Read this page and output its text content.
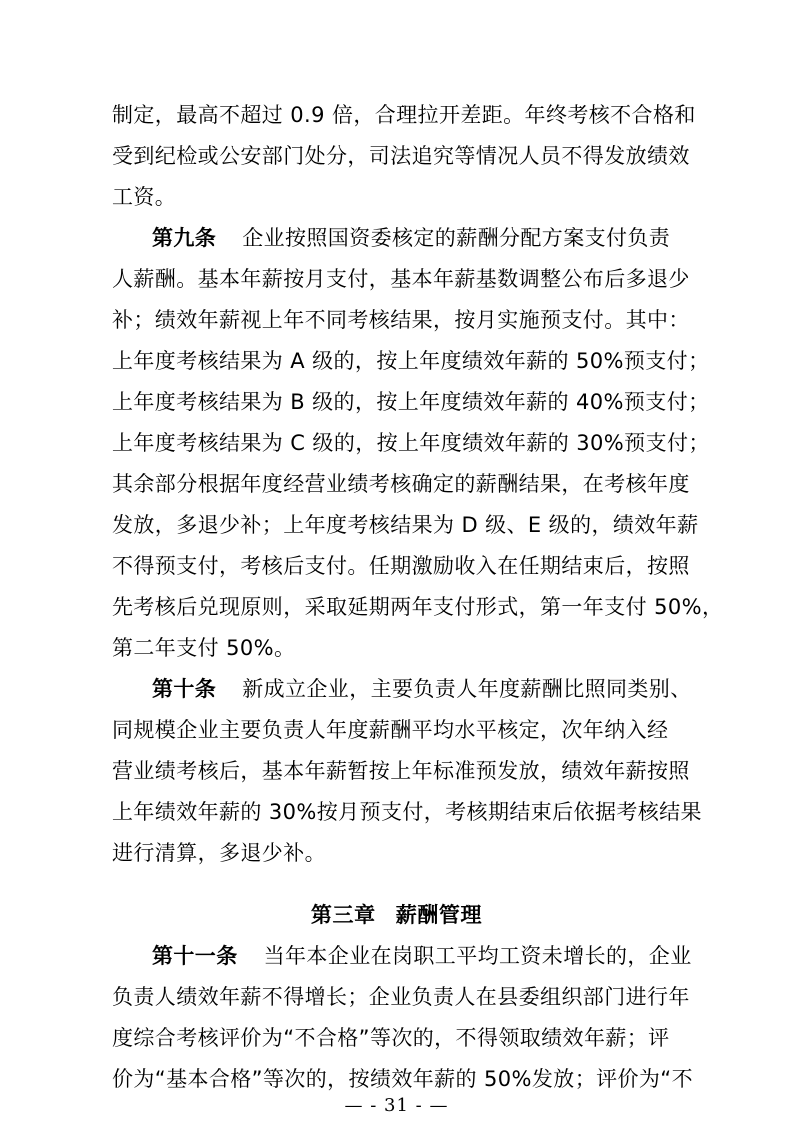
制定，最高不超过 0.9 倍，合理拉开差距。年终考核不合格和
受到纪检或公安部门处分，司法追究等情况人员不得发放绩效
工资。
第九条 企业按照国资委核定的薪酬分配方案支付负责
人薪酬。基本年薪按月支付，基本年薪基数调整公布后多退少
补；绩效年薪视上年不同考核结果，按月实施预支付。其中：
上年度考核结果为 A 级的，按上年度绩效年薪的 50%预支付；
上年度考核结果为 B 级的，按上年度绩效年薪的 40%预支付；
上年度考核结果为 C 级的，按上年度绩效年薪的 30%预支付；
其余部分根据年度经营业绩考核确定的薪酬结果，在考核年度
发放，多退少补；上年度考核结果为 D 级、E 级的，绩效年薪
不得预支付，考核后支付。任期激励收入在任期结束后，按照
先考核后兑现原则，采取延期两年支付形式，第一年支付 50%，
第二年支付 50%。
第十条 新成立企业，主要负责人年度薪酬比照同类别、
同规模企业主要负责人年度薪酬平均水平核定，次年纳入经
营业绩考核后，基本年薪暂按上年标准预发放，绩效年薪按照
上年绩效年薪的 30%按月预支付，考核期结束后依据考核结果
进行清算，多退少补。
第三章 薪酬管理
第十一条 当年本企业在岗职工平均工资未增长的，企业
负责人绩效年薪不得增长；企业负责人在县委组织部门进行年
度综合考核评价为“不合格”等次的，不得领取绩效年薪；评
价为“基本合格”等次的，按绩效年薪的 50%发放；评价为“不
— - 31 - —
